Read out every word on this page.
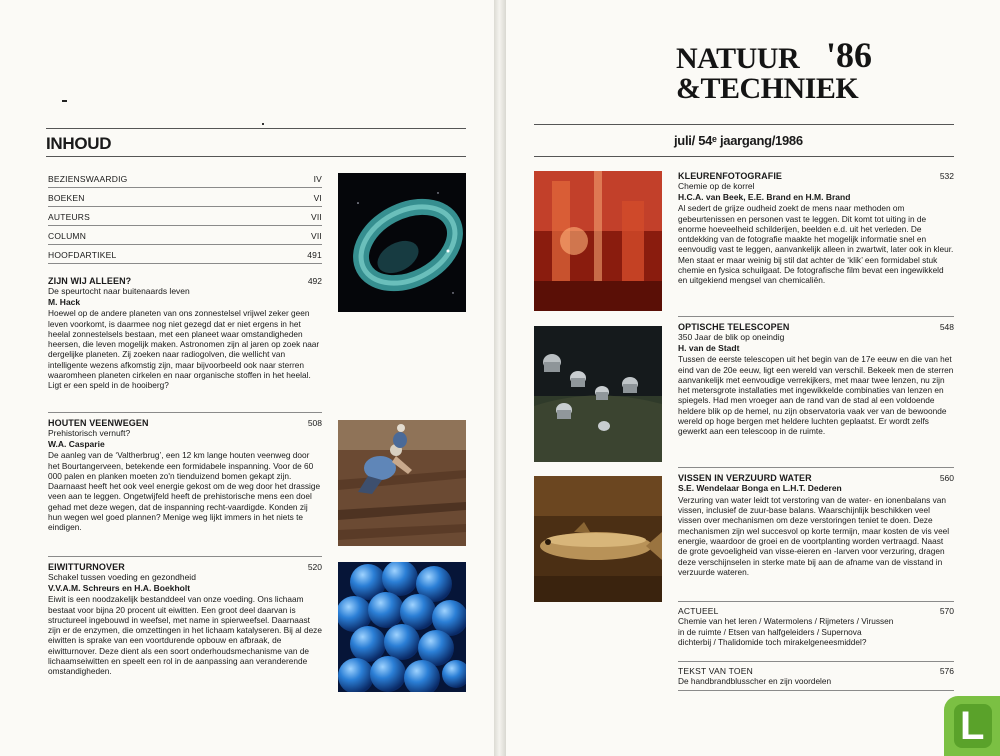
INHOUD
BEZIENSWAARDIG	IV
BOEKEN	VI
AUTEURS	VII
COLUMN	VII
HOOFDARTIKEL	491
ZIJN WIJ ALLEEN?	492
De speurtocht naar buitenaards leven
M. Hack
Hoewel op de andere planeten van ons zonnestelsel vrijwel zeker geen leven voorkomt, is daarmee nog niet gezegd dat er niet ergens in het heelal zonnestelsels bestaan, met een planeet waar omstandigheden heersen, die leven mogelijk maken. Astronomen zijn al jaren op zoek naar dergelijke planeten. Zij zoeken naar radiogolven, die wellicht van intelligente wezens afkomstig zijn, maar bijvoorbeeld ook naar sterren waaromheen planeten cirkelen en naar organische stoffen in het heelal. Ligt er een speld in de hooiberg?
HOUTEN VEENWEGEN	508
Prehistorisch vernuft?
W.A. Casparie
De aanleg van de ‘Valtherbrug’, een 12 km lange houten veenweg door het Bourtangerveen, betekende een formidabele inspanning. Voor de 60 000 palen en planken moeten zo'n tienduizend bomen gekapt zijn. Daarnaast heeft het ook veel energie gekost om de weg door het drassige veen aan te leggen. Ongetwijfeld heeft de prehistorische mens een doel gehad met deze wegen, dat de inspanning recht-vaardigde. Konden zij hun wegen wel goed plannen? Menige weg lijkt immers in het niets te eindigen.
EIWITTURNOVER	520
Schakel tussen voeding en gezondheid
V.V.A.M. Schreurs en H.A. Boekholt
Eiwit is een noodzakelijk bestanddeel van onze voeding. Ons lichaam bestaat voor bijna 20 procent uit eiwitten. Een groot deel daarvan is structureel ingebouwd in weefsel, met name in spierweefsel. Daarnaast zijn er de enzymen, die omzettingen in het lichaam katalyseren. Bij al deze eiwitten is sprake van een voortdurende opbouw en afbraak, de eiwitturnover. Deze dient als een soort onderhoudsmechanisme van de lichaamseiwitten en speelt een rol in de aanpassing aan veranderende omstandigheden.
NATUUR '86
&TECHNIEK
juli/ 54ᵉ jaargang/1986
KLEURENFOTOGRAFIE	532
Chemie op de korrel
H.C.A. van Beek, E.E. Brand en H.M. Brand
Al sedert de grijze oudheid zoekt de mens naar methoden om gebeurtenissen en personen vast te leggen. Dit komt tot uiting in de enorme hoeveelheid schilderijen, beelden e.d. uit het verleden. De ontdekking van de fotografie maakte het mogelijk informatie snel en eenvoudig vast te leggen, aanvankelijk alleen in zwartwit, later ook in kleur. Men staat er maar weinig bij stil dat achter de ‘klik’ een formidabel stuk chemie en fysica schuilgaat. De fotografische film bevat een ingewikkeld en uitgekiend mengsel van chemicaliën.
OPTISCHE TELESCOPEN	548
350 Jaar de blik op oneindig
H. van de Stadt
Tussen de eerste telescopen uit het begin van de 17e eeuw en die van het eind van de 20e eeuw, ligt een wereld van verschil. Bekeek men de sterren aanvankelijk met eenvoudige verrekijkers, met maar twee lenzen, nu zijn het metersgrote installaties met ingewikkelde combinaties van lenzen en spiegels. Had men vroeger aan de rand van de stad al een voldoende heldere blik op de hemel, nu zijn observatoria vaak ver van de bewoonde wereld op hoge bergen met heldere luchten geplaatst. Er wordt zelfs gewerkt aan een telescoop in de ruimte.
VISSEN IN VERZUURD WATER	560
S.E. Wendelaar Bonga en L.H.T. Dederen
Verzuring van water leidt tot verstoring van de water- en ionenbalans van vissen, inclusief de zuur-base balans. Waarschijnlijk beschikken veel vissen over mechanismen om deze verstoringen teniet te doen. Deze mechanismen zijn wel succesvol op korte termijn, maar kosten de vis veel energie, waardoor de groei en de voortplanting worden vertraagd. Naast de grote gevoeligheid van visse-eieren en -larven voor verzuring, dragen deze verschijnselen in sterke mate bij aan de afname van de visstand in verzuurde wateren.
ACTUEEL	570
Chemie van het leren / Watermolens / Rijmeters / Virussen in de ruimte / Etsen van halfgeleiders / Supernova dichterbij / Thalidomide toch mirakelgeneesmiddel?
TEKST VAN TOEN	576
De handbrandblusscher en zijn voordelen
L
